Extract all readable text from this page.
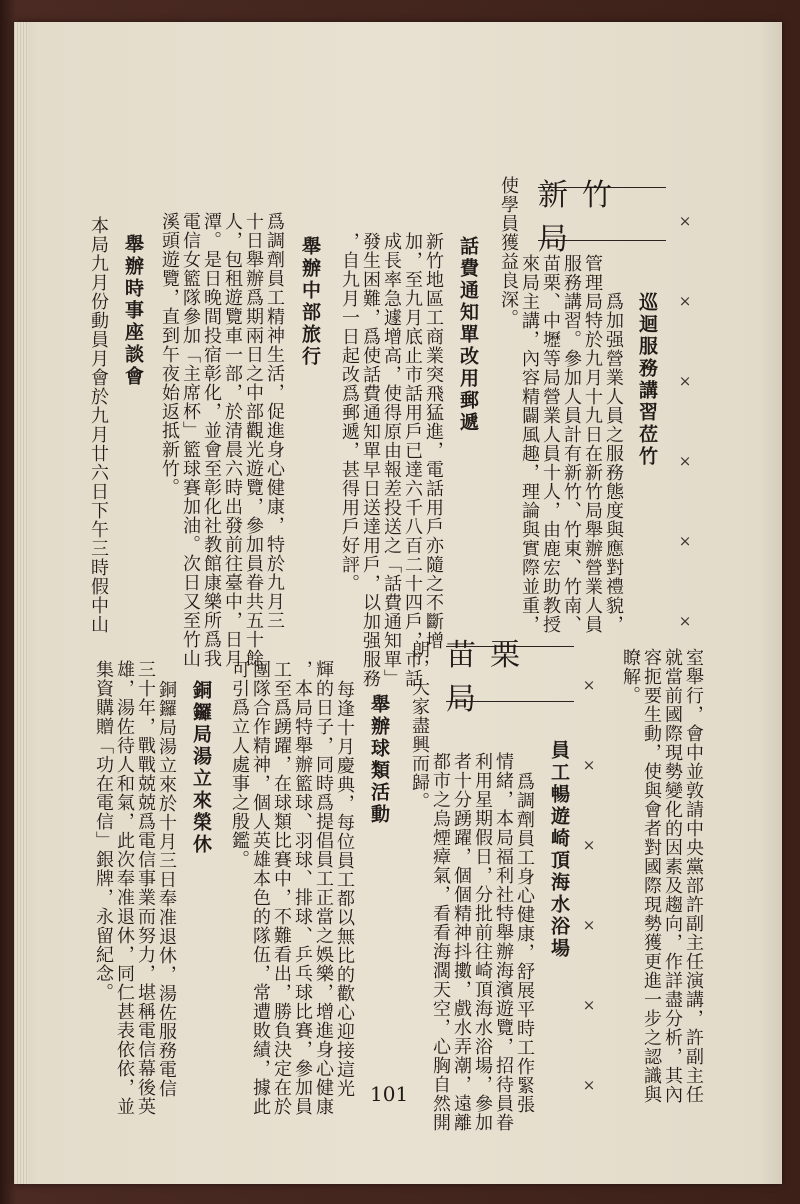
新竹局	× × × × × ×
巡迴服務講習莅竹
爲加强營業人員之服務態度與應對禮貌，
管理局特於九月十九日在新竹局舉辦營業人員
服務講習。參加人員計有新竹、竹東、竹南、
苗栗、中壢等局營業人員十人，由鹿宏助教授
來局主講，內容精闢風趣，理論與實際並重，
使學員獲益良深。
話費通知單改用郵遞
新竹地區工商業突飛猛進，電話用戶亦隨之不斷增
加，至九月底止市話用戶已達六千八百二十四戶，市話
成長率急遽增高，使得原由報差投送之「話費通知單」
發生困難，爲使話費通知單早日送達用戶，以加强服務
，自九月一日起改爲郵遞，甚得用戶好評。
舉辦中部旅行
爲調劑員工精神生活，促進身心健康，特於九月三
十日舉辦爲期兩日之中部觀光遊覽，參加員眷共五十餘
人，包租遊覽車一部，於清晨六時出發前往臺中，日月
潭。是日晚間投宿彰化，並會至彰化社教館康樂所爲我
電信女籃隊參加「主席杯」籃球賽加油。次日又至竹山
溪頭遊覽，直到午夜始返抵新竹。
舉辦時事座談會
本局九月份動員月會於九月廿六日下午三時假中山
室舉行，會中並敦請中央黨部許副主任演講，許副主任
就當前國際現勢變化的因素及趨向，作詳盡分析，其內
容扼要生動，使與會者對國際現勢獲更進一步之認識與
瞭解。
× × × × × ×
苗栗局
員工暢遊崎頂海水浴場
爲調劑員工身心健康，舒展平時工作緊張
情緒，本局福利社特舉辦海濱遊覽，招待員眷
利用星期假日，分批前往崎頂海水浴場，參加
者十分踴躍，個個精神抖擻，戲水弄潮，遠離
都市之烏煙瘴氣，看看海濶天空，心胸自然開
朗，大家盡興而歸。
舉辦球類活動
每逢十月慶典，每位員工都以無比的歡心迎接這光
輝的日子，同時爲提倡員工正當之娛樂，增進身心健康
，本局特舉辦籃球、羽球、排球、乒乓球比賽，參加員
工至爲踴躍，在球類比賽中，不難看出，勝負決定在於
團隊合作精神，個人英雄本色的隊伍，常遭敗績，據此
可引爲立人處事之殷鑑。
銅鑼局湯立來榮休
銅鑼局湯立來於十月三日奉准退休，湯佐服務電信
三十年，戰戰兢兢爲電信事業而努力，堪稱電信幕後英
雄，湯佐待人和氣，此次奉准退休，同仁甚表依依，並
集資購贈「功在電信」銀牌，永留紀念。
101
